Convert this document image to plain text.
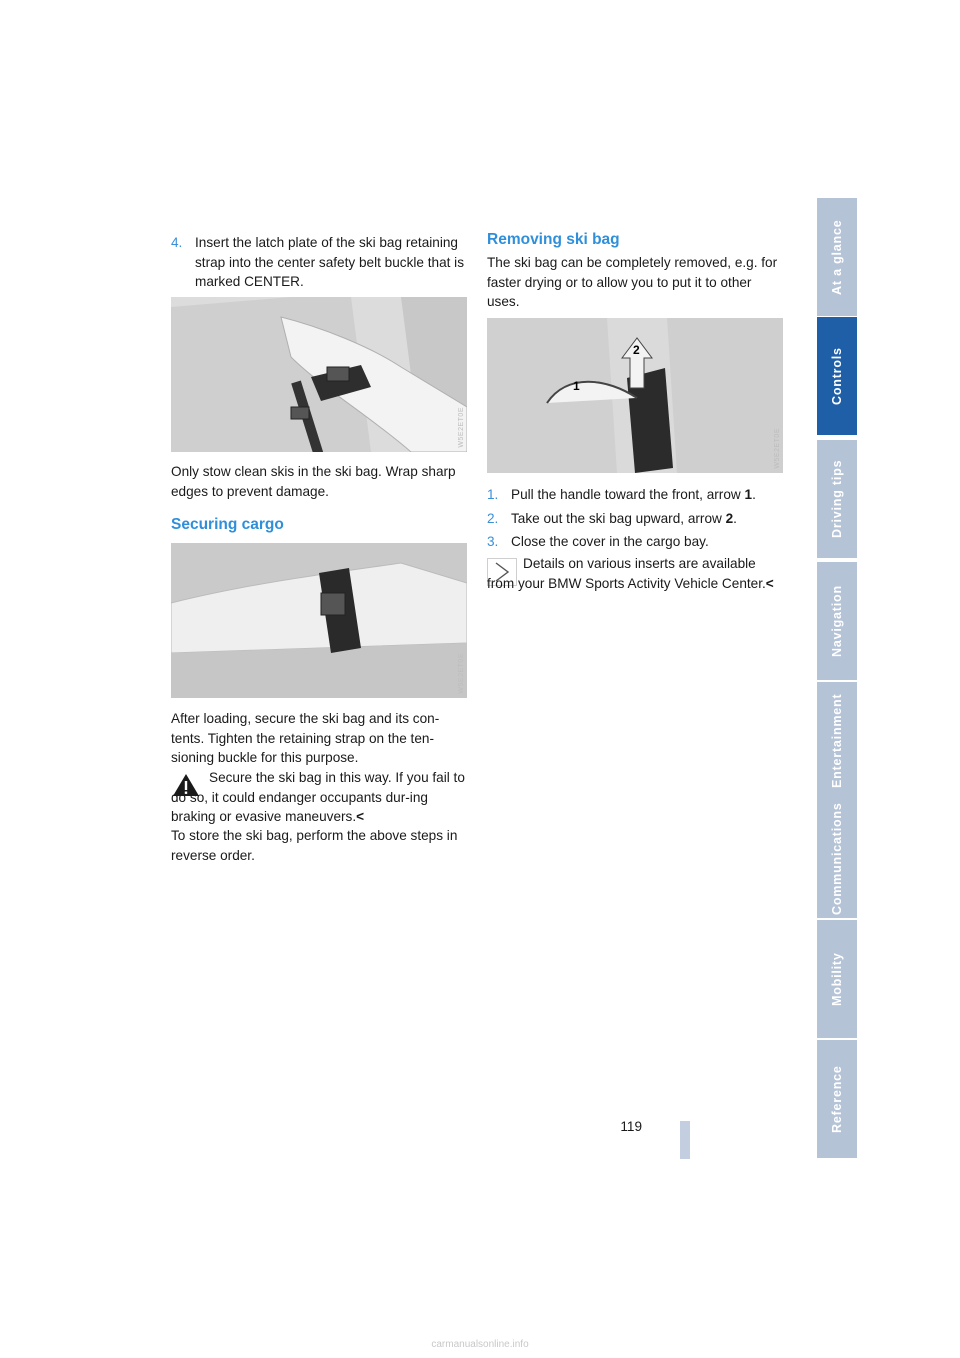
4. Insert the latch plate of the ski bag retaining strap into the center safety belt buckle that is marked CENTER.

W5E2ET0E

Only stow clean skis in the ski bag. Wrap sharp edges to prevent damage.

Securing cargo
W5E2ET0E

After loading, secure the ski bag and its con-tents. Tighten the retaining strap on the ten-sioning buckle for this purpose.

Secure the ski bag in this way. If you fail to do so, it could endanger occupants dur-ing braking or evasive maneuvers.<

To store the ski bag, perform the above steps in reverse order.

Removing ski bag

The ski bag can be completely removed, e.g. for faster drying or to allow you to put it to other uses.

1
2
W5E2ET0E

1. Pull the handle toward the front, arrow 1.

2. Take out the ski bag upward, arrow 2.

3. Close the cover in the cargo bay.

Details on various inserts are available from your BMW Sports Activity Vehicle Center.<

At a glance
Controls
Driving tips
Navigation
Entertainment
Communications
Mobility
Reference
119
carmanualsonline.info
